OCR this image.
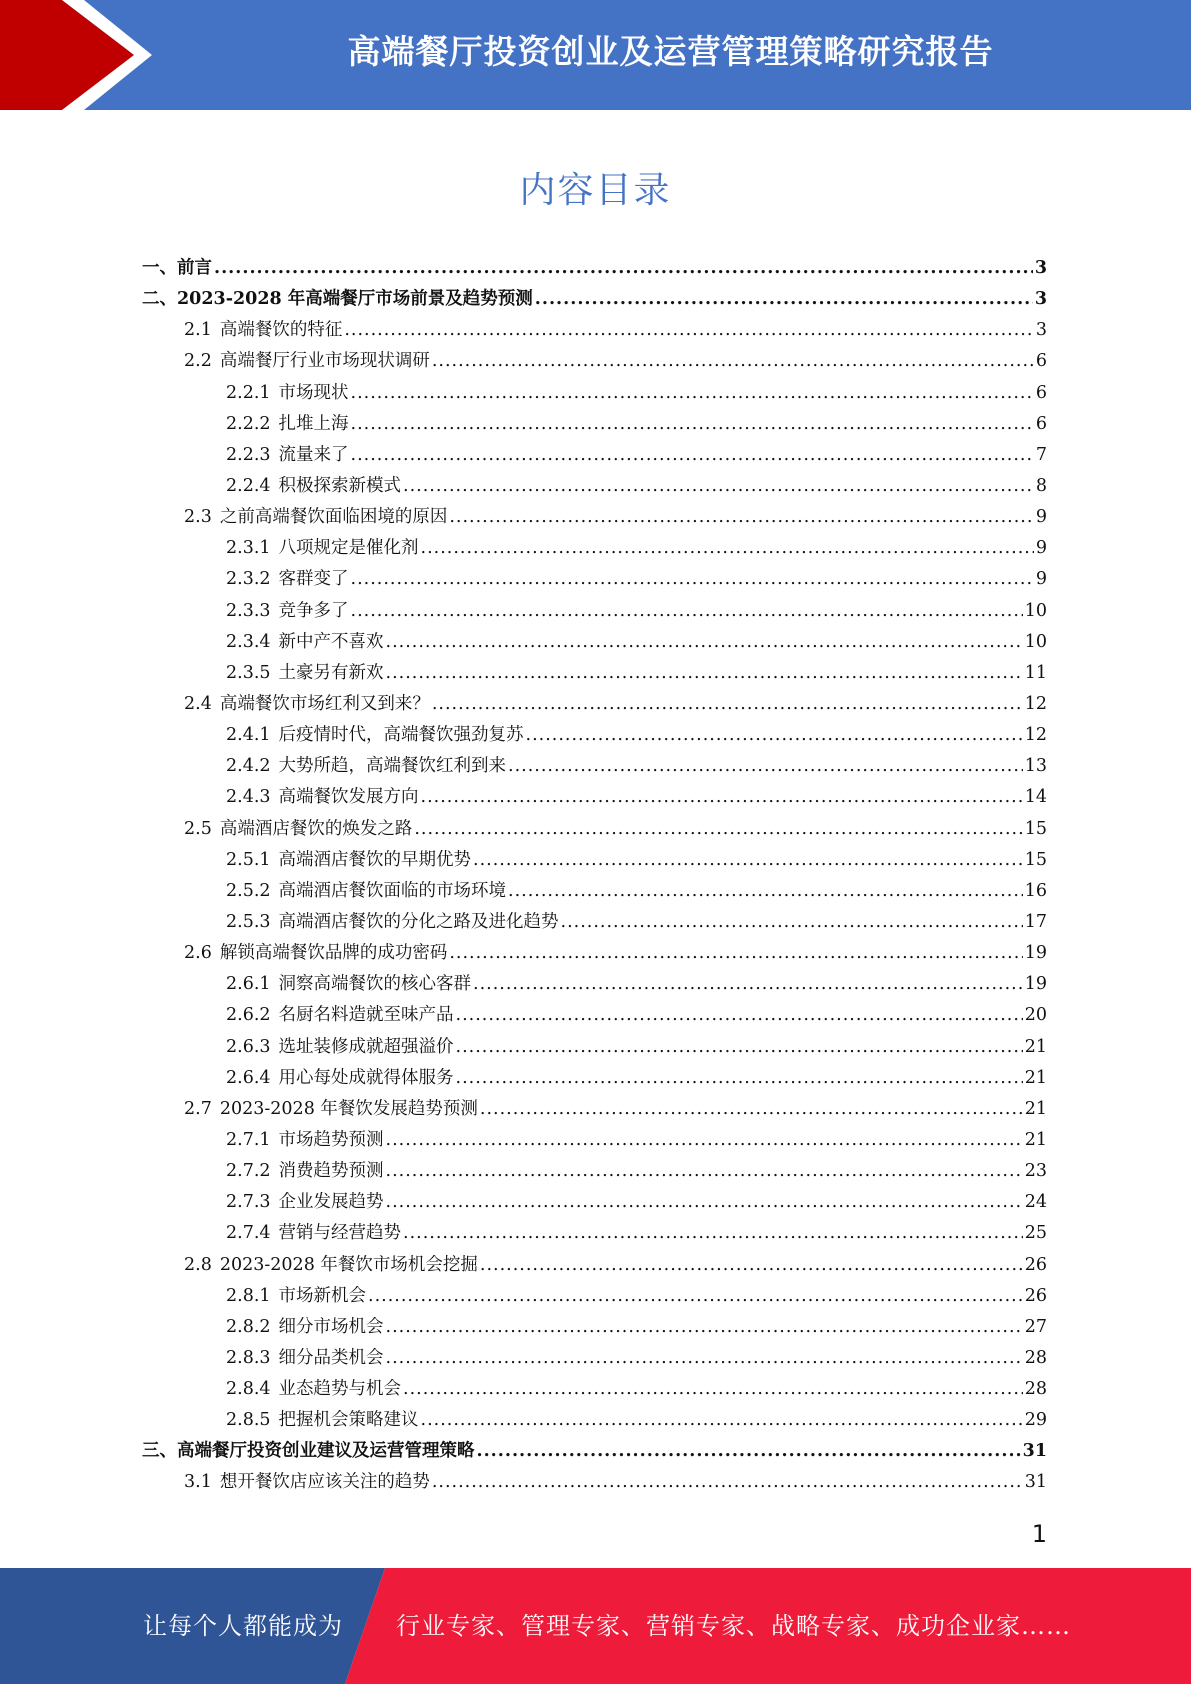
高端餐厅投资创业及运营管理策略研究报告
内容目录
一、 前言 .....	3
二、 2023-2028 年高端餐厅市场前景及趋势预测 .....	3
2.1 高端餐饮的特征 .....	3
2.2 高端餐厅行业市场现状调研 .....	6
2.2.1 市场现状 .....	6
2.2.2 扎堆上海 .....	6
2.2.3 流量来了 .....	7
2.2.4 积极探索新模式 .....	8
2.3 之前高端餐饮面临困境的原因 .....	9
2.3.1 八项规定是催化剂 .....	9
2.3.2 客群变了 .....	9
2.3.3 竞争多了 .....	10
2.3.4 新中产不喜欢 .....	10
2.3.5 土豪另有新欢 .....	11
2.4 高端餐饮市场红利又到来？ .....	12
2.4.1 后疫情时代，高端餐饮强劲复苏 .....	12
2.4.2 大势所趋，高端餐饮红利到来 .....	13
2.4.3 高端餐饮发展方向 .....	14
2.5 高端酒店餐饮的焕发之路 .....	15
2.5.1 高端酒店餐饮的早期优势 .....	15
2.5.2 高端酒店餐饮面临的市场环境 .....	16
2.5.3 高端酒店餐饮的分化之路及进化趋势 .....	17
2.6 解锁高端餐饮品牌的成功密码 .....	19
2.6.1 洞察高端餐饮的核心客群 .....	19
2.6.2 名厨名料造就至味产品 .....	20
2.6.3 选址装修成就超强溢价 .....	21
2.6.4 用心每处成就得体服务 .....	21
2.7 2023-2028 年餐饮发展趋势预测 .....	21
2.7.1 市场趋势预测 .....	21
2.7.2 消费趋势预测 .....	23
2.7.3 企业发展趋势 .....	24
2.7.4 营销与经营趋势 .....	25
2.8 2023-2028 年餐饮市场机会挖掘 .....	26
2.8.1 市场新机会 .....	26
2.8.2 细分市场机会 .....	27
2.8.3 细分品类机会 .....	28
2.8.4 业态趋势与机会 .....	28
2.8.5 把握机会策略建议 .....	29
三、 高端餐厅投资创业建议及运营管理策略 .....	31
3.1 想开餐饮店应该关注的趋势 .....	31
1
让每个人都能成为 行业专家、管理专家、营销专家、战略专家、成功企业家……
